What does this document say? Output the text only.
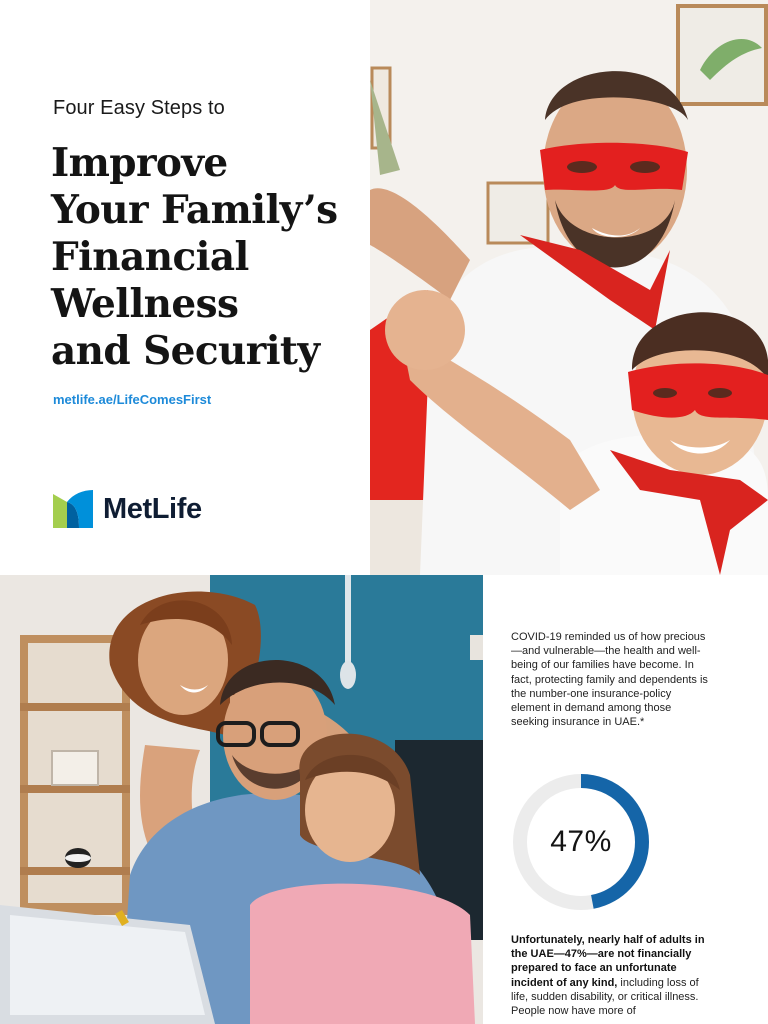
Four Easy Steps to
Improve
Your Family’s
Financial
Wellness
and Security
metlife.ae/LifeComesFirst
MetLife

COVID-19 reminded us of how precious—and vulnerable—the health and well-being of our families have become. In fact, protecting family and dependents is the number-one insurance-policy element in demand among those seeking insurance in UAE.*

47%

Unfortunately, nearly half of adults in the UAE—47%—are not financially prepared to face an unfortunate incident of any kind, including loss of life, sudden disability, or critical illness. People now have more of
